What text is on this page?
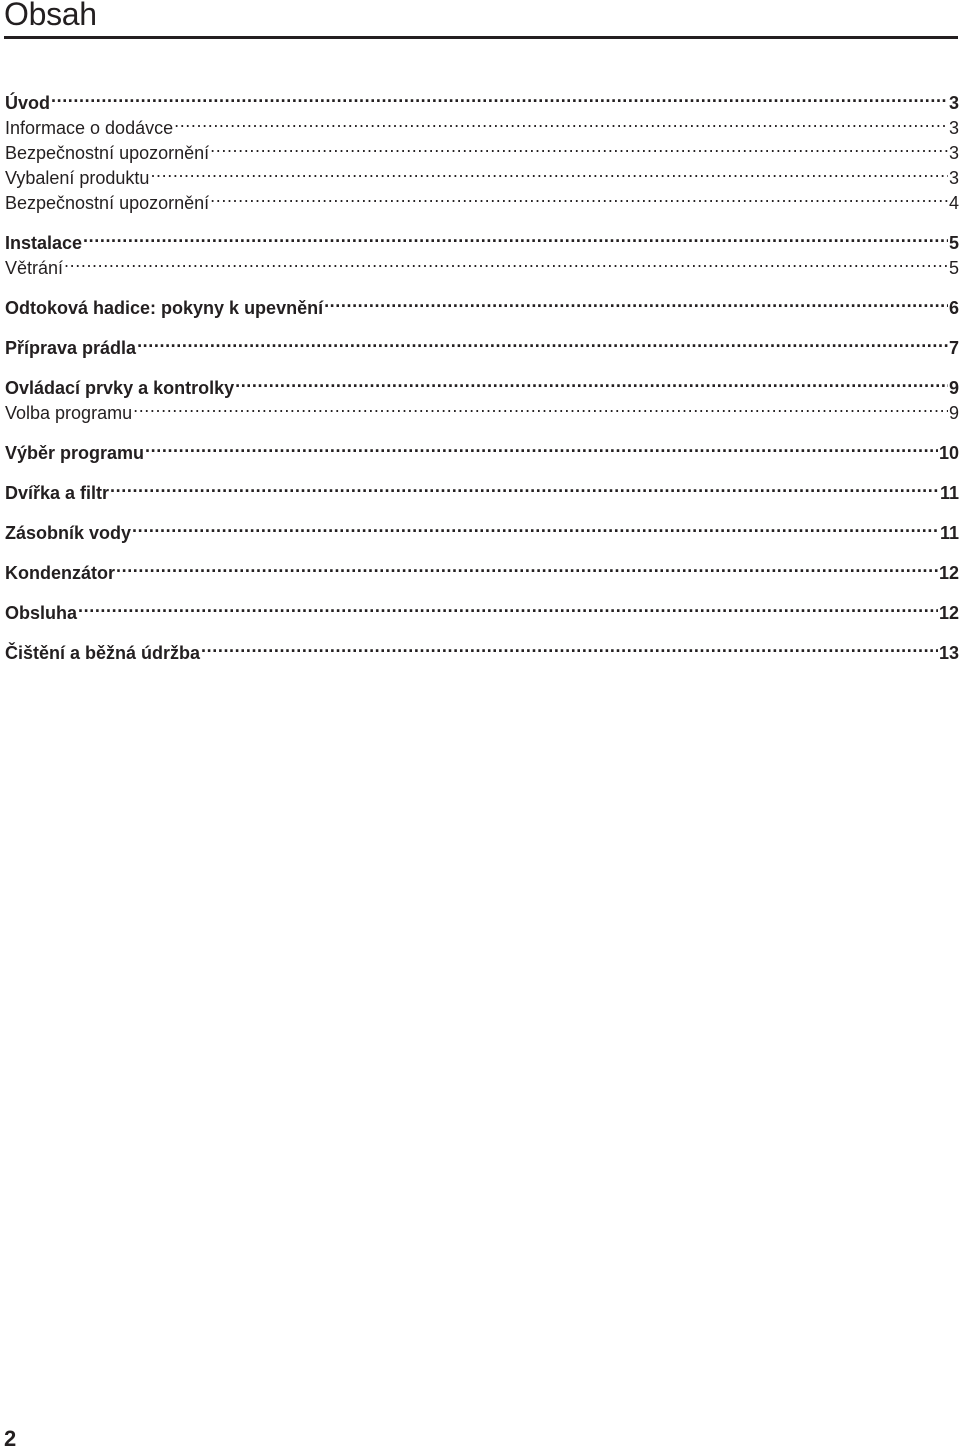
Obsah
Úvod .....	3
Informace o dodávce .....	3
Bezpečnostní upozornění .....	3
Vybalení produktu .....	3
Bezpečnostní upozornění .....	4
Instalace .....	5
Větrání .....	5
Odtoková hadice: pokyny k upevnění .....	6
Příprava prádla .....	7
Ovládací prvky a kontrolky .....	9
Volba programu .....	9
Výběr programu .....	10
Dvířka a filtr .....	11
Zásobník vody .....	11
Kondenzátor .....	12
Obsluha .....	12
Čištění a běžná údržba .....	13
2
